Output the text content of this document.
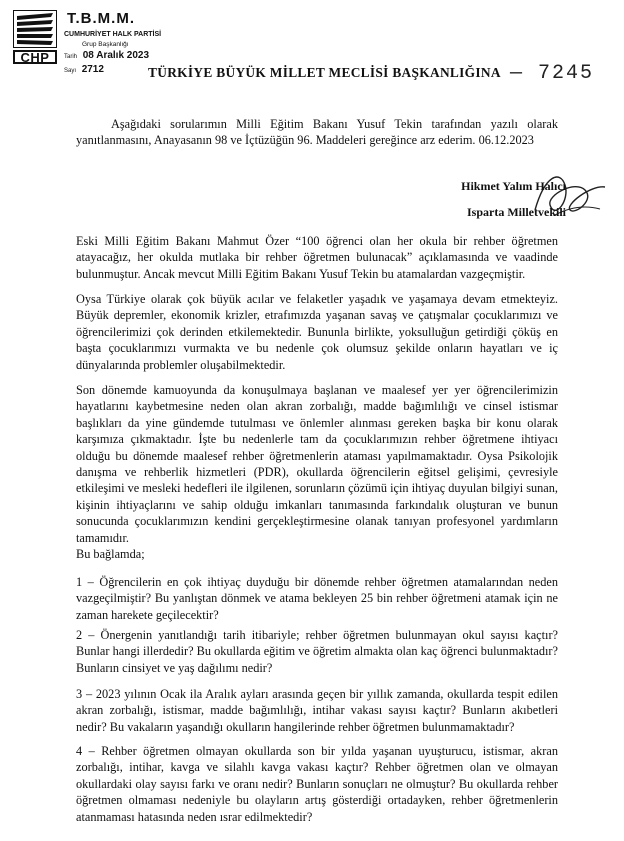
CHP
T.B.M.M.
CUMHURİYET HALK PARTİSİ
Grup Başkanlığı
Tarih 08 Aralık 2023
Sayı 2712	TÜRKİYE BÜYÜK MİLLET MECLİSİ BAŞKANLIĞINA — 7245

Aşağıdaki sorularımın Milli Eğitim Bakanı Yusuf Tekin tarafından yazılı olarak yanıtlanmasını, Anayasanın 98 ve İçtüzüğün 96. Maddeleri gereğince arz ederim. 06.12.2023

Hikmet Yalım Halıcı
Isparta Milletvekili

Eski Milli Eğitim Bakanı Mahmut Özer “100 öğrenci olan her okula bir rehber öğretmen atayacağız, her okulda mutlaka bir rehber öğretmen bulunacak” açıklamasında ve vaadinde bulunmuştur. Ancak mevcut Milli Eğitim Bakanı Yusuf Tekin bu atamalardan vazgeçmiştir.

Oysa Türkiye olarak çok büyük acılar ve felaketler yaşadık ve yaşamaya devam etmekteyiz. Büyük depremler, ekonomik krizler, etrafımızda yaşanan savaş ve çatışmalar çocuklarımızı ve öğrencilerimizi çok derinden etkilemektedir. Bununla birlikte, yoksulluğun getirdiği çöküş en başta çocuklarımızı vurmakta ve bu nedenle çok olumsuz şekilde onların hayatları ve iç dünyalarında problemler oluşabilmektedir.

Son dönemde kamuoyunda da konuşulmaya başlanan ve maalesef yer yer öğrencilerimizin hayatlarını kaybetmesine neden olan akran zorbalığı, madde bağımlılığı ve cinsel istismar başlıkları da yine gündemde tutulması ve önlemler alınması gereken başka bir konu olarak karşımıza çıkmaktadır. İşte bu nedenlerle tam da çocuklarımızın rehber öğretmene ihtiyacı olduğu bu dönemde maalesef rehber öğretmenlerin ataması yapılmamaktadır. Oysa Psikolojik danışma ve rehberlik hizmetleri (PDR), okullarda öğrencilerin eğitsel gelişimi, çevresiyle etkileşimi ve mesleki hedefleri ile ilgilenen, sorunların çözümü için ihtiyaç duyulan bilgiyi sunan, kişinin ihtiyaçlarını ve sahip olduğu imkanları tanımasında farkındalık oluşturan ve bunun sonucunda çocuklarımızın kendini gerçekleştirmesine olanak tanıyan profesyonel yardımların tamamıdır.

Bu bağlamda;

1 – Öğrencilerin en çok ihtiyaç duyduğu bir dönemde rehber öğretmen atamalarından neden vazgeçilmiştir? Bu yanlıştan dönmek ve atama bekleyen 25 bin rehber öğretmeni atamak için ne zaman harekete geçilecektir?

2 – Önergenin yanıtlandığı tarih itibariyle; rehber öğretmen bulunmayan okul sayısı kaçtır? Bunlar hangi illerdedir? Bu okullarda eğitim ve öğretim almakta olan kaç öğrenci bulunmaktadır? Bunların cinsiyet ve yaş dağılımı nedir?

3 – 2023 yılının Ocak ila Aralık ayları arasında geçen bir yıllık zamanda, okullarda tespit edilen akran zorbalığı, istismar, madde bağımlılığı, intihar vakası sayısı kaçtır? Bunların akıbetleri nedir? Bu vakaların yaşandığı okulların hangilerinde rehber öğretmen bulunmamaktadır?

4 – Rehber öğretmen olmayan okullarda son bir yılda yaşanan uyuşturucu, istismar, akran zorbalığı, intihar, kavga ve silahlı kavga vakası kaçtır? Rehber öğretmen olan ve olmayan okullardaki olay sayısı farkı ve oranı nedir? Bunların sonuçları ne olmuştur? Bu okullarda rehber öğretmen olmaması nedeniyle bu olayların artış gösterdiği ortadayken, rehber öğretmenlerin atanmaması hatasında neden ısrar edilmektedir?
